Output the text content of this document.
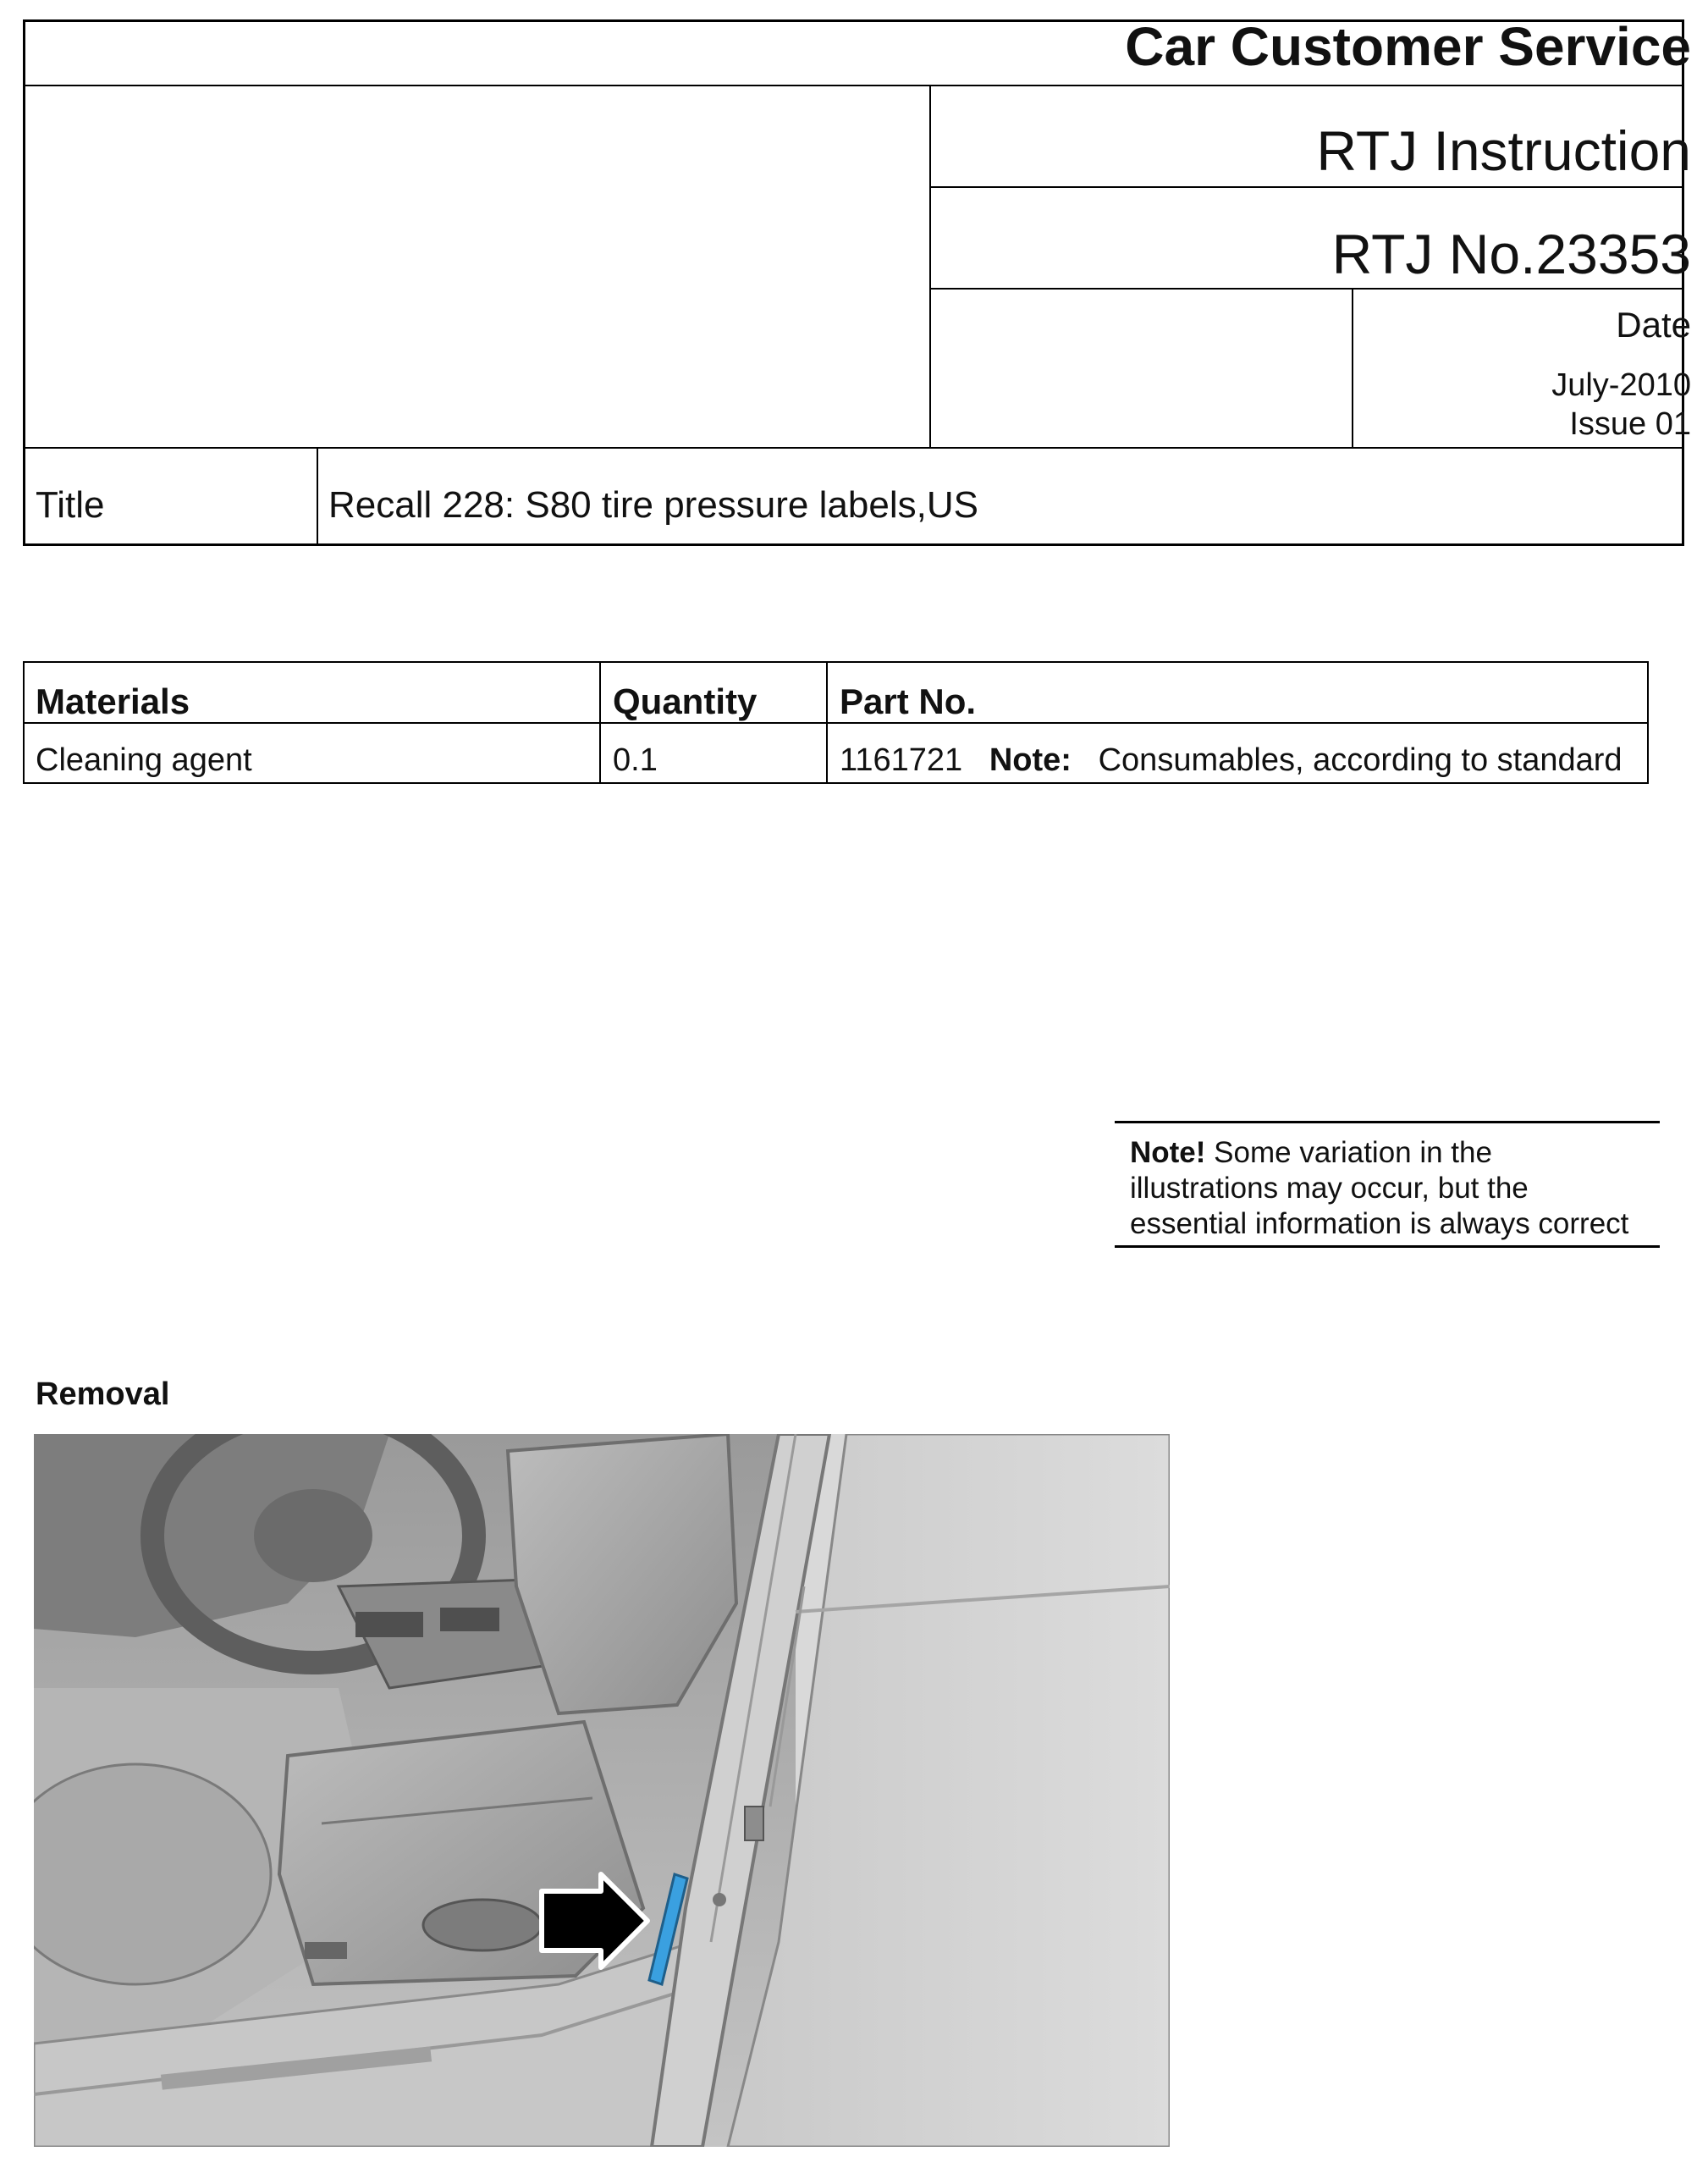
Car Customer Service
RTJ Instruction
RTJ No.23353
Date
July-2010
Issue 01
Title	Recall 228: S80 tire pressure labels,US
Materials	Quantity Part No.
Cleaning agent	0.1	1161721 Note: Consumables, according to standard
Note! Some variation in the
illustrations may occur, but the
essential information is always correct
Removal
